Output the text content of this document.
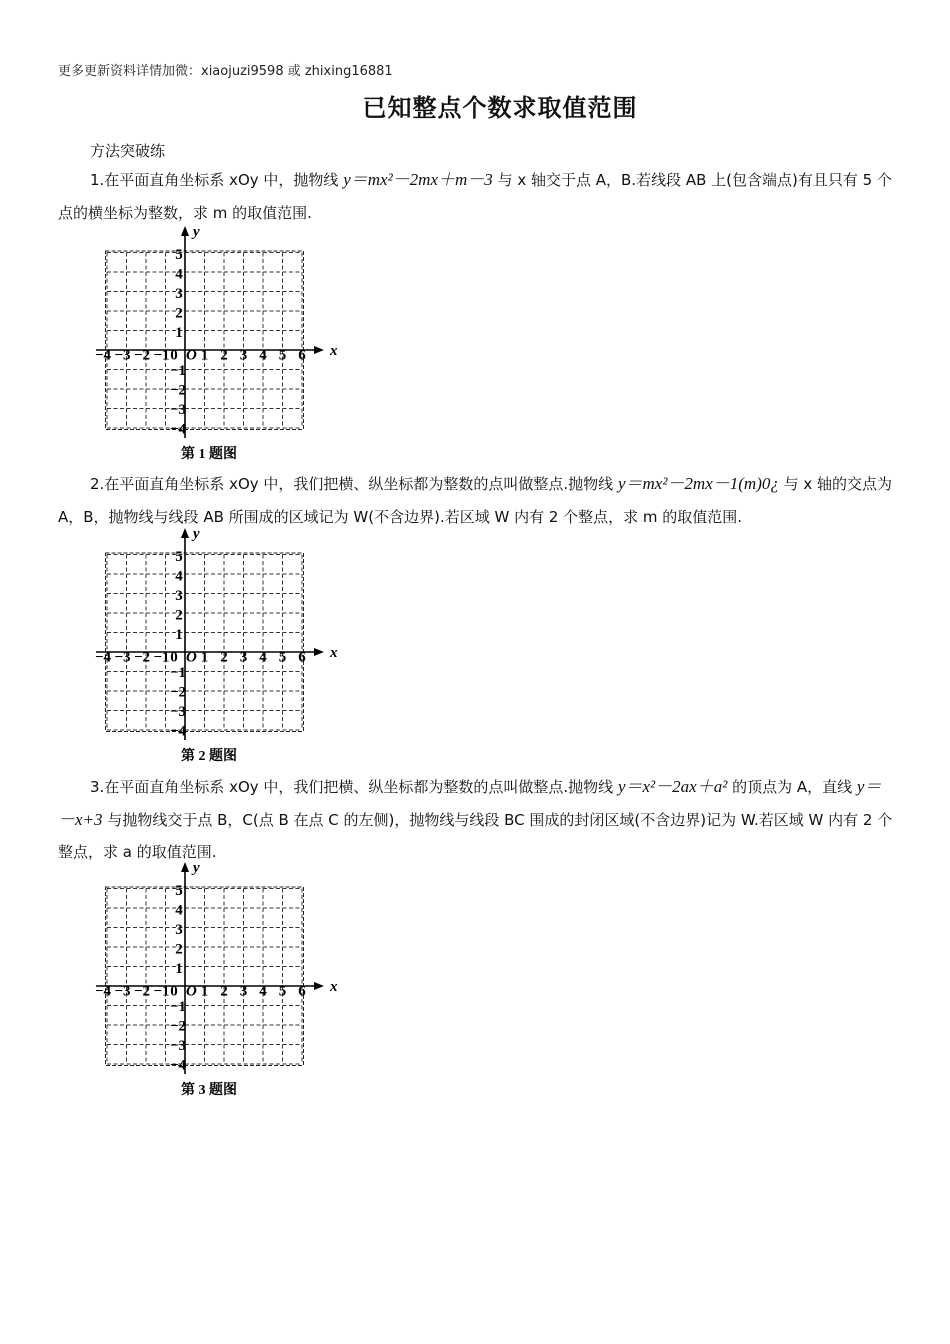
更多更新资料详情加微：xiaojuzi9598 或 zhixing16881
已知整点个数求取值范围
方法突破练
1.在平面直角坐标系 xOy 中，抛物线 y＝mx²－2mx＋m－3 与 x 轴交于点 A，B.若线段 AB 上(包含端点)有且只有 5 个点的横坐标为整数，求 m 的取值范围.
x
y
−4 −3 −2 −1 0 1 2 3 4 5 6
O
1
2
3
4
5
−1
−2
−3
−4
第 1 题图
2.在平面直角坐标系 xOy 中，我们把横、纵坐标都为整数的点叫做整点.抛物线 y＝mx²－2mx－1(m)0¿ 与 x 轴的交点为 A，B，抛物线与线段 AB 所围成的区域记为 W(不含边界).若区域 W 内有 2 个整点，求 m 的取值范围.
x
y
−4 −3 −2 −1 0 1 2 3 4 5 6
O
1
2
3
4
5
−1
−2
−3
−4
第 2 题图
3.在平面直角坐标系 xOy 中，我们把横、纵坐标都为整数的点叫做整点.抛物线 y＝x²－2ax＋a² 的顶点为 A，直线 y＝－x+3 与抛物线交于点 B，C(点 B 在点 C 的左侧)，抛物线与线段 BC 围成的封闭区域(不含边界)记为 W.若区域 W 内有 2 个整点，求 a 的取值范围.
x
y
−4 −3 −2 −1 0 1 2 3 4 5 6
O
1
2
3
4
5
−1
−2
−3
−4
第 3 题图
